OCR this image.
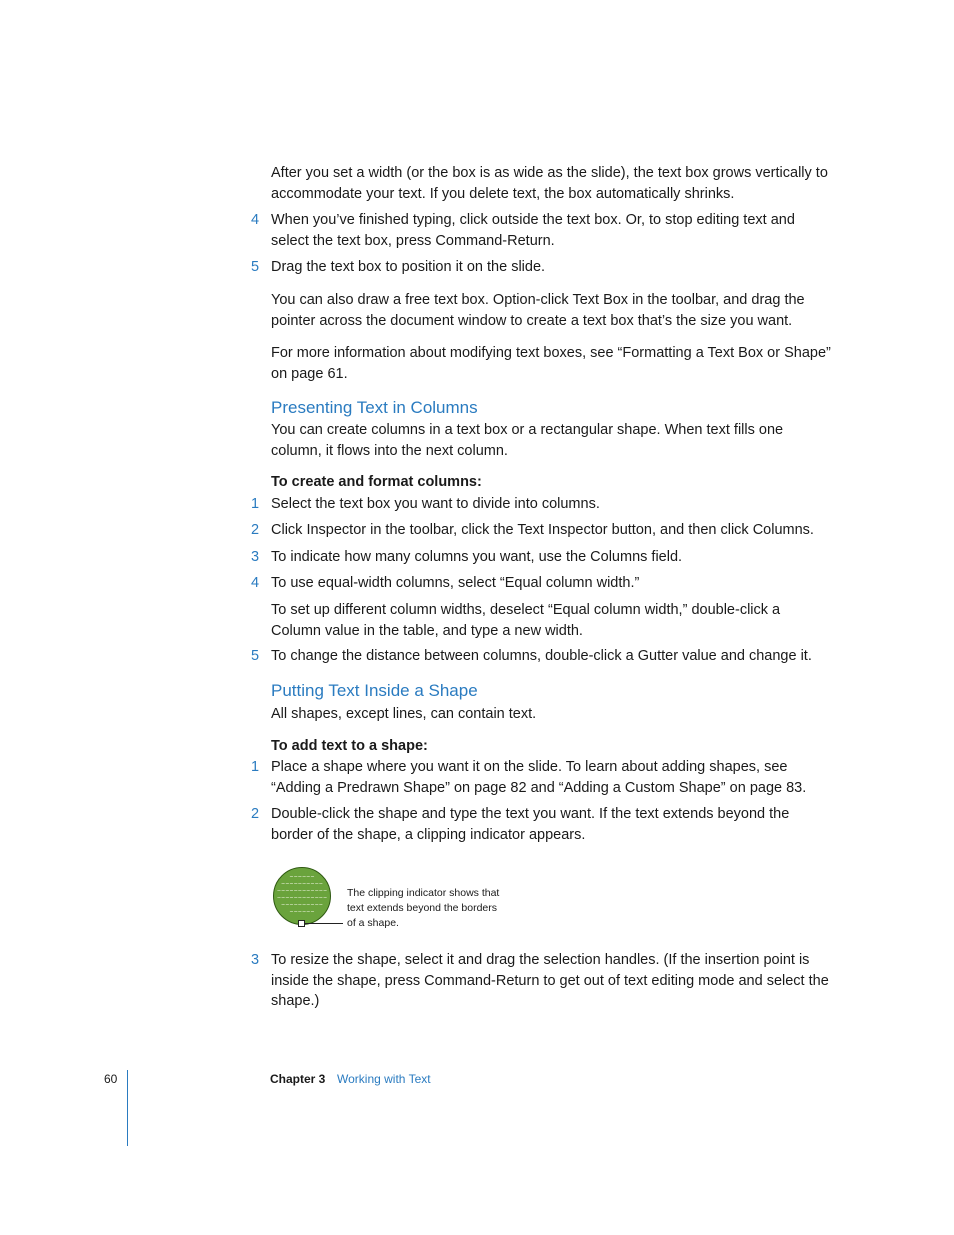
After you set a width (or the box is as wide as the slide), the text box grows vertically to accommodate your text. If you delete text, the box automatically shrinks.

4 When you’ve finished typing, click outside the text box. Or, to stop editing text and select the text box, press Command-Return.

5 Drag the text box to position it on the slide.

You can also draw a free text box. Option-click Text Box in the toolbar, and drag the pointer across the document window to create a text box that’s the size you want.

For more information about modifying text boxes, see “Formatting a Text Box or Shape” on page 61.

Presenting Text in Columns

You can create columns in a text box or a rectangular shape. When text fills one column, it flows into the next column.

To create and format columns:

1 Select the text box you want to divide into columns.

2 Click Inspector in the toolbar, click the Text Inspector button, and then click Columns.

3 To indicate how many columns you want, use the Columns field.

4 To use equal-width columns, select “Equal column width.”

To set up different column widths, deselect “Equal column width,” double-click a Column value in the table, and type a new width.

5 To change the distance between columns, double-click a Gutter value and change it.

Putting Text Inside a Shape

All shapes, except lines, can contain text.

To add text to a shape:

1 Place a shape where you want it on the slide. To learn about adding shapes, see “Adding a Predrawn Shape” on page 82 and “Adding a Custom Shape” on page 83.

2 Double-click the shape and type the text you want. If the text extends beyond the border of the shape, a clipping indicator appears.

~~~~~~
~~~~~~~~~~
~~~~~~~~~~~~
~~~~~~~~~~~~
~~~~~~~~~~
~~~~~~

The clipping indicator shows that text extends beyond the borders of a shape.

3 To resize the shape, select it and drag the selection handles. (If the insertion point is inside the shape, press Command-Return to get out of text editing mode and select the shape.)

60	Chapter 3 Working with Text
